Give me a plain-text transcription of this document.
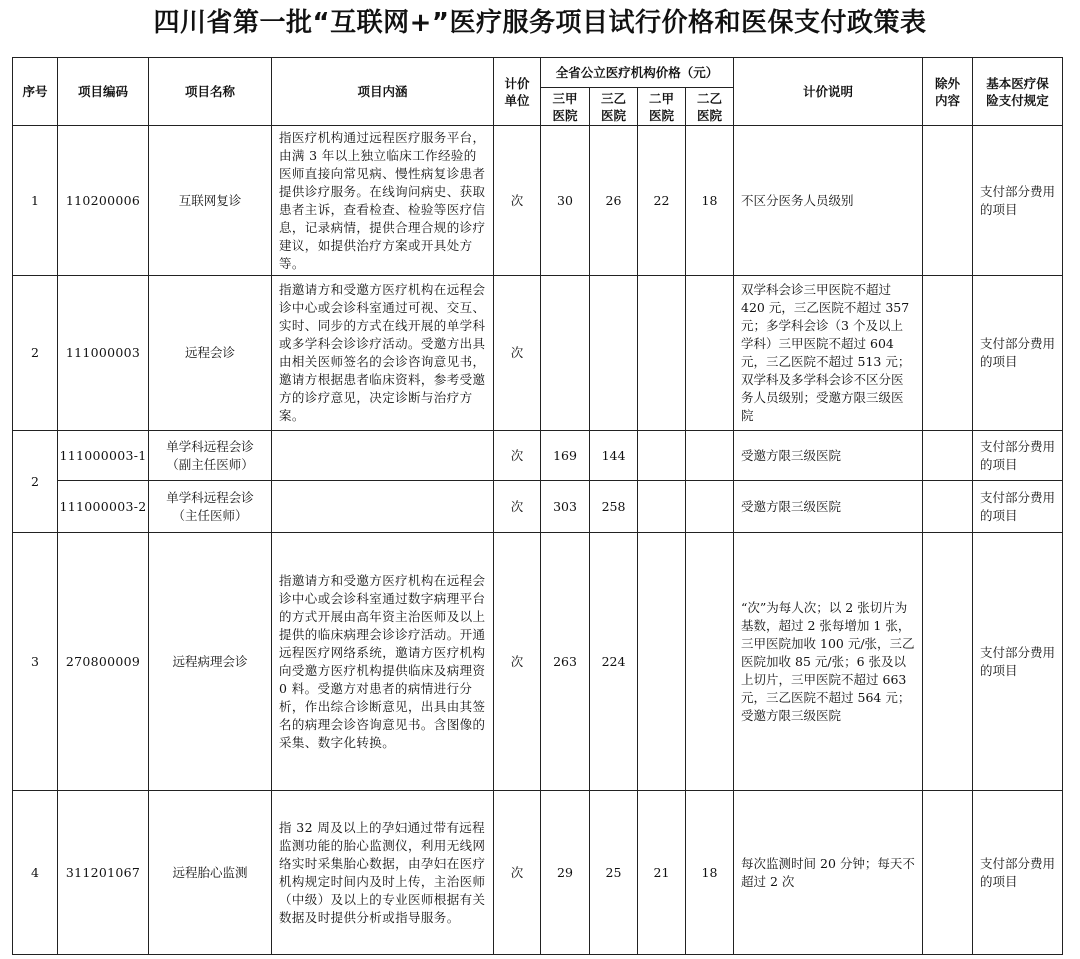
四川省第一批“互联网+”医疗服务项目试行价格和医保支付政策表
序号	项目编码	项目名称	项目内涵	计价单位	全省公立医疗机构价格（元）				计价说明	除外内容	基本医疗保险支付规定
					三甲医院	三乙医院	二甲医院	二乙医院			
1	110200006	互联网复诊	指医疗机构通过远程医疗服务平台，由满 3 年以上独立临床工作经验的医师直接向常见病、慢性病复诊患者提供诊疗服务。在线询问病史、获取患者主诉，查看检查、检验等医疗信息，记录病情，提供合理合规的诊疗建议，如提供治疗方案或开具处方等。	次	30	26	22	18	不区分医务人员级别		支付部分费用的项目
2	111000003	远程会诊	指邀请方和受邀方医疗机构在远程会诊中心或会诊科室通过可视、交互、实时、同步的方式在线开展的单学科或多学科会诊诊疗活动。受邀方出具由相关医师签名的会诊咨询意见书，邀请方根据患者临床资料，参考受邀方的诊疗意见，决定诊断与治疗方案。	次					双学科会诊三甲医院不超过 420 元，三乙医院不超过 357 元；多学科会诊（3 个及以上学科）三甲医院不超过 604 元，三乙医院不超过 513 元；双学科及多学科会诊不区分医务人员级别；受邀方限三级医院		支付部分费用的项目
2	111000003-1	单学科远程会诊（副主任医师）		次	169	144			受邀方限三级医院		支付部分费用的项目
	111000003-2	单学科远程会诊（主任医师）		次	303	258			受邀方限三级医院		支付部分费用的项目
3	270800009	远程病理会诊	指邀请方和受邀方医疗机构在远程会诊中心或会诊科室通过数字病理平台的方式开展由高年资主治医师及以上提供的临床病理会诊诊疗活动。开通远程医疗网络系统，邀请方医疗机构向受邀方医疗机构提供临床及病理资 0 料。受邀方对患者的病情进行分析，作出综合诊断意见，出具由其签名的病理会诊咨询意见书。含图像的采集、数字化转换。	次	263	224			“次”为每人次；以 2 张切片为基数，超过 2 张每增加 1 张，三甲医院加收 100 元/张，三乙医院加收 85 元/张；6 张及以上切片，三甲医院不超过 663 元，三乙医院不超过 564 元；受邀方限三级医院		支付部分费用的项目
4	311201067	远程胎心监测	指 32 周及以上的孕妇通过带有远程监测功能的胎心监测仪，利用无线网络实时采集胎心数据，由孕妇在医疗机构规定时间内及时上传，主治医师（中级）及以上的专业医师根据有关数据及时提供分析或指导服务。	次	29	25	21	18	每次监测时间 20 分钟；每天不超过 2 次		支付部分费用的项目
